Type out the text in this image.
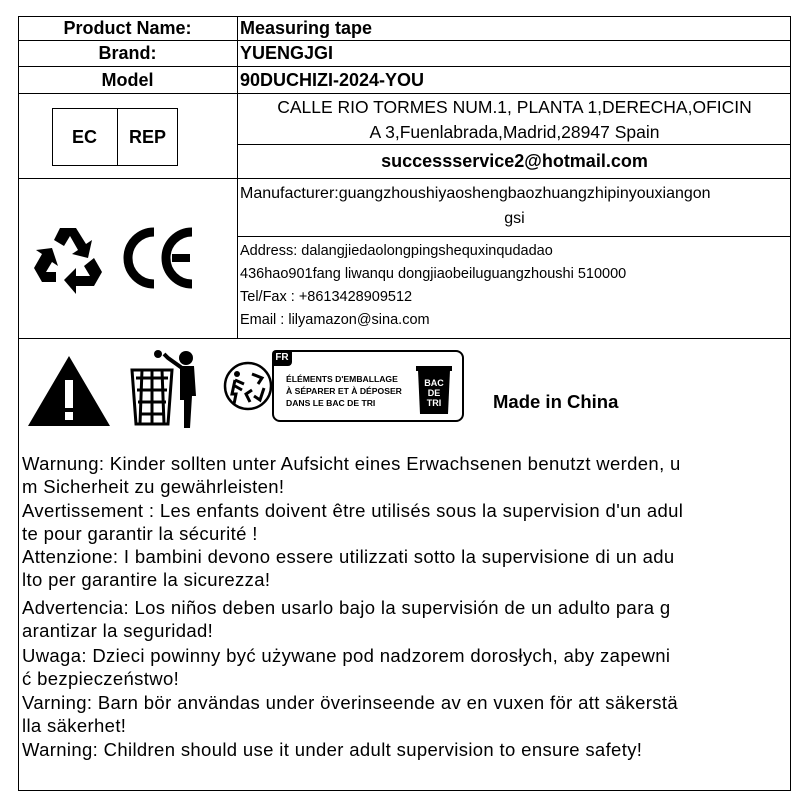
Product Name:	Measuring tape
Brand:	YUENGJGI
Model	90DUCHIZI-2024-YOU
EC	REP
CALLE RIO TORMES NUM.1, PLANTA 1,DERECHA,OFICIN
A 3,Fuenlabrada,Madrid,28947 Spain
successservice2@hotmail.com
Manufacturer:guangzhoushiyaoshengbaozhuangzhipinyouxiangon
gsi
Address: dalangjiedaolongpingshequxinqudadao
436hao901fang liwanqu dongjiaobeiluguangzhoushi 510000
Tel/Fax : +8613428909512
Email : lilyamazon@sina.com
FR
ÉLÉMENTS D'EMBALLAGE
À SÉPARER ET À DÉPOSER
DANS LE BAC DE TRI
BAC
DE
TRI	Made in China
Warnung: Kinder sollten unter Aufsicht eines Erwachsenen benutzt werden, u
m Sicherheit zu gewährleisten!
Avertissement : Les enfants doivent être utilisés sous la supervision d'un adul
te pour garantir la sécurité !
Attenzione: I bambini devono essere utilizzati sotto la supervisione di un adu
lto per garantire la sicurezza!
Advertencia: Los niños deben usarlo bajo la supervisión de un adulto para g
arantizar la seguridad!
Uwaga: Dzieci powinny być używane pod nadzorem dorosłych, aby zapewni
ć bezpieczeństwo!
Varning: Barn bör användas under överinseende av en vuxen för att säkerstä
lla säkerhet!
Warning: Children should use it under adult supervision to ensure safety!
